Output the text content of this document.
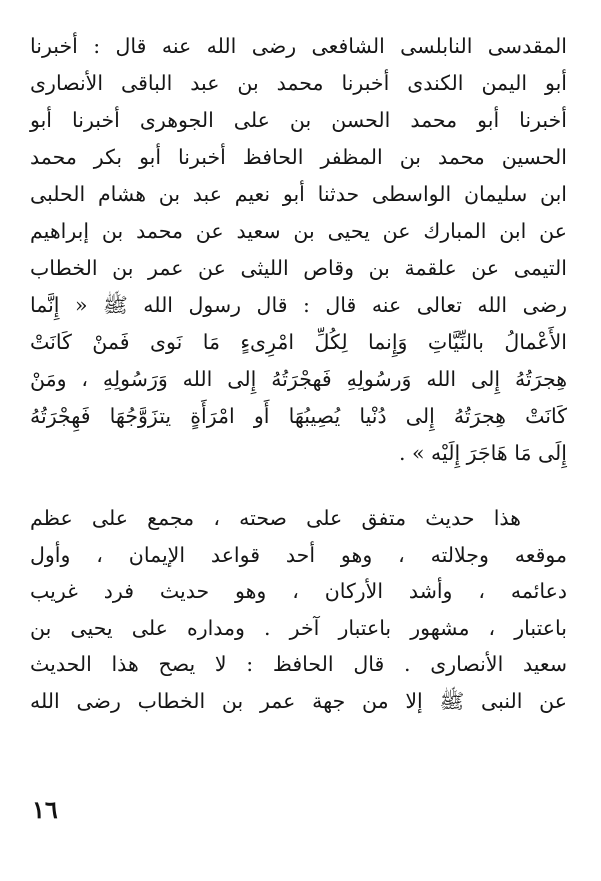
المقدسى النابلسى الشافعى رضى الله عنه قال : أخبرنا
أبو اليمن الكندى أخبرنا محمد بن عبد الباقى الأنصارى
أخبرنا أبو محمد الحسن بن على الجوهرى أخبرنا أبو
الحسين محمد بن المظفر الحافظ أخبرنا أبو بكر محمد
ابن سليمان الواسطى حدثنا أبو نعيم عبد بن هشام الحلبى
عن ابن المبارك عن يحيى بن سعيد عن محمد بن إبراهيم
التيمى عن علقمة بن وقاص الليثى عن عمر بن الخطاب
رضى الله تعالى عنه قال : قال رسول الله ﷺ « إِنَّما
الأَعْمالُ بالنِّيَّاتِ وَإِنما لِكُلِّ امْرِىءٍ مَا نَوى فَمنْ كَانَتْ
هِجرَتُهُ إِلى الله وَرسُولِهِ فَهجْرَتُهُ إِلى الله وَرَسُولِهِ ، ومَنْ
كَانَتْ هِجرَتُهُ إِلى دُنْيا يُصِيبُهَا أَو امْرَأَةٍ يتزَوَّجُهَا فَهِجْرَتُهُ
إِلَى مَا هَاجَرَ إِلَيْه » .
هذا حديث متفق على صحته ، مجمع على عظم
موقعه وجلالته ، وهو أحد قواعد الإيمان ، وأول
دعائمه ، وأشد الأركان ، وهو حديث فرد غريب
باعتبار ، مشهور باعتبار آخر . ومداره على يحيى بن
سعيد الأنصارى . قال الحافظ : لا يصح هذا الحديث
عن النبى ﷺ إلا من جهة عمر بن الخطاب رضى الله
١٦
